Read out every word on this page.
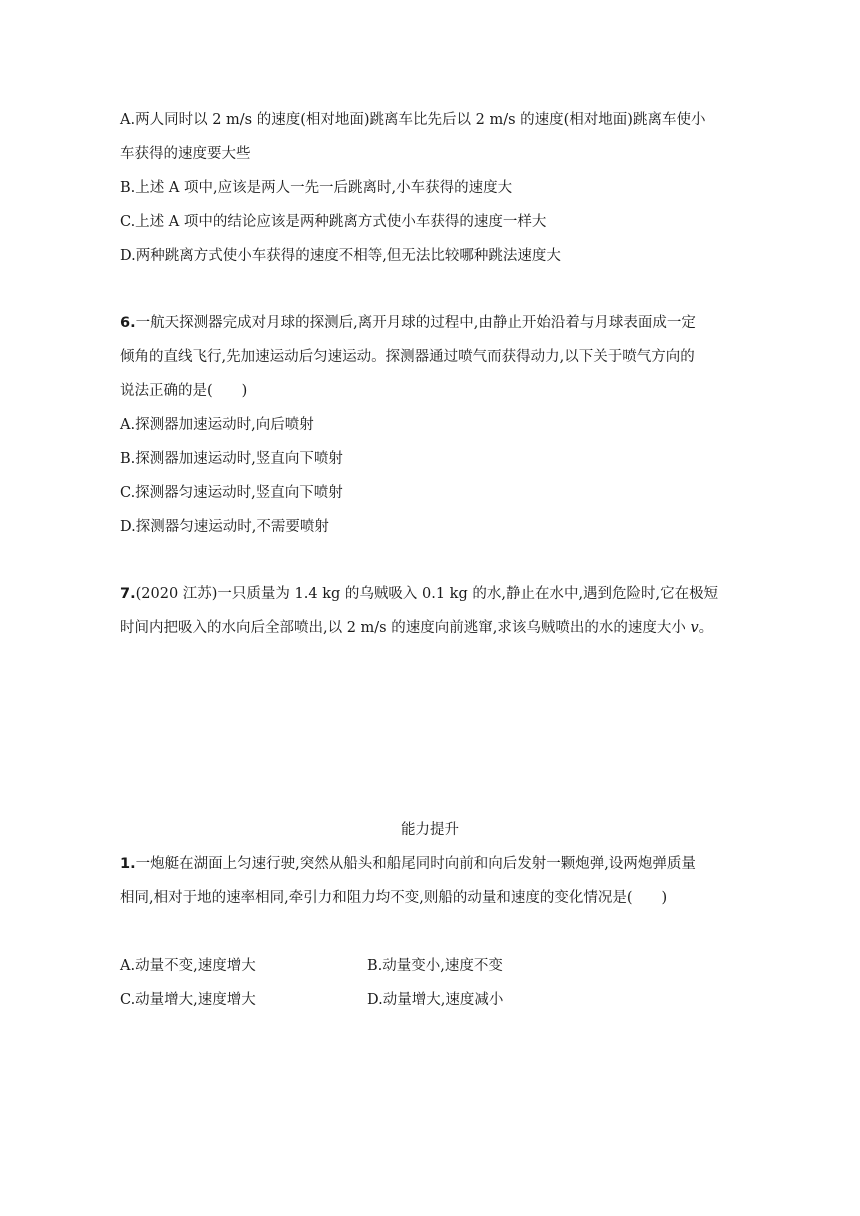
A.两人同时以 2 m/s 的速度(相对地面)跳离车比先后以 2 m/s 的速度(相对地面)跳离车使小
车获得的速度要大些
B.上述 A 项中,应该是两人一先一后跳离时,小车获得的速度大
C.上述 A 项中的结论应该是两种跳离方式使小车获得的速度一样大
D.两种跳离方式使小车获得的速度不相等,但无法比较哪种跳法速度大
6.一航天探测器完成对月球的探测后,离开月球的过程中,由静止开始沿着与月球表面成一定
倾角的直线飞行,先加速运动后匀速运动。探测器通过喷气而获得动力,以下关于喷气方向的
说法正确的是(　　)
A.探测器加速运动时,向后喷射
B.探测器加速运动时,竖直向下喷射
C.探测器匀速运动时,竖直向下喷射
D.探测器匀速运动时,不需要喷射
7.(2020 江苏)一只质量为 1.4 kg 的乌贼吸入 0.1 kg 的水,静止在水中,遇到危险时,它在极短
时间内把吸入的水向后全部喷出,以 2 m/s 的速度向前逃窜,求该乌贼喷出的水的速度大小 v。
能力提升
1.一炮艇在湖面上匀速行驶,突然从船头和船尾同时向前和向后发射一颗炮弹,设两炮弹质量
相同,相对于地的速率相同,牵引力和阻力均不变,则船的动量和速度的变化情况是(　　)
A.动量不变,速度增大	B.动量变小,速度不变
C.动量增大,速度增大	D.动量增大,速度减小
